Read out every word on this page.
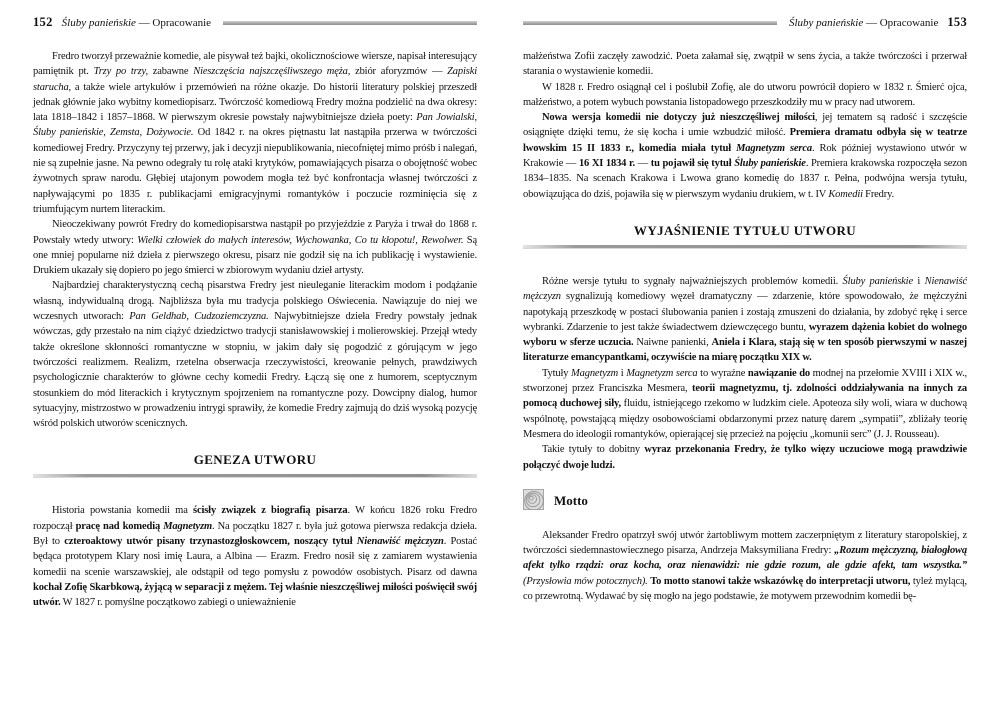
152 Śluby panieńskie — Opracowanie

Fredro tworzył przeważnie komedie, ale pisywał też bajki, okolicznościowe wiersze, napisał interesujący pamiętnik pt. Trzy po trzy, zabawne Nieszczęścia najszczęśliwszego męża, zbiór aforyzmów — Zapiski starucha, a także wiele artykułów i przemówień na różne okazje. Do historii literatury polskiej przeszedł jednak głównie jako wybitny komediopisarz. Twórczość komediową Fredry można podzielić na dwa okresy: lata 1818–1842 i 1857–1868. W pierwszym okresie powstały najwybitniejsze dzieła poety: Pan Jowialski, Śluby panieńskie, Zemsta, Dożywocie. Od 1842 r. na okres piętnastu lat nastąpiła przerwa w twórczości komediowej Fredry. Przyczyny tej przerwy, jak i decyzji niepublikowania, niecofniętej mimo próśb i nalegań, nie są zupełnie jasne. Na pewno odegrały tu rolę ataki krytyków, pomawiających pisarza o obojętność wobec żywotnych spraw narodu. Głębiej utajonym powodem mogła też być konfrontacja własnej twórczości z napływającymi po 1835 r. publikacjami emigracyjnymi romantyków i poczucie rozminięcia się z triumfującym nurtem literackim.

Nieoczekiwany powrót Fredry do komediopisarstwa nastąpił po przyjeździe z Paryża i trwał do 1868 r. Powstały wtedy utwory: Wielki człowiek do małych interesów, Wychowanka, Co tu kłopotu!, Rewolwer. Są one mniej popularne niż dzieła z pierwszego okresu, pisarz nie godził się na ich publikację i wystawienie. Drukiem ukazały się dopiero po jego śmierci w zbiorowym wydaniu dzieł artysty.

Najbardziej charakterystyczną cechą pisarstwa Fredry jest nieuleganie literackim modom i podążanie własną, indywidualną drogą. Najbliższa była mu tradycja polskiego Oświecenia. Nawiązuje do niej we wczesnych utworach: Pan Geldhab, Cudzoziemczyzna. Najwybitniejsze dzieła Fredry powstały jednak wówczas, gdy przestało na nim ciążyć dziedzictwo tradycji stanisławowskiej i molierowskiej. Przejął wtedy także określone skłonności romantyczne w stopniu, w jakim dały się pogodzić z górującym w jego twórczości realizmem. Realizm, rzetelna obserwacja rzeczywistości, kreowanie pełnych, prawdziwych psychologicznie charakterów to główne cechy komedii Fredry. Łączą się one z humorem, sceptycznym stosunkiem do mód literackich i krytycznym spojrzeniem na romantyczne pozy. Dowcipny dialog, humor sytuacyjny, mistrzostwo w prowadzeniu intrygi sprawiły, że komedie Fredry zajmują do dziś wysoką pozycję wśród polskich utworów scenicznych.

GENEZA UTWORU

Historia powstania komedii ma ścisły związek z biografią pisarza. W końcu 1826 roku Fredro rozpoczął pracę nad komedią Magnetyzm. Na początku 1827 r. była już gotowa pierwsza redakcja dzieła. Był to czteroaktowy utwór pisany trzynastozgłoskowcem, noszący tytuł Nienawiść mężczyzn. Postać będąca prototypem Klary nosi imię Laura, a Albina — Erazm. Fredro nosił się z zamiarem wystawienia komedii na scenie warszawskiej, ale odstąpił od tego pomysłu z powodów osobistych. Pisarz od dawna kochał Zofię Skarbkową, żyjącą w separacji z mężem. Tej właśnie nieszczęśliwej miłości poświęcił swój utwór. W 1827 r. pomyślne początkowo zabiegi o unieważnienie

Śluby panieńskie — Opracowanie 153

małżeństwa Zofii zaczęły zawodzić. Poeta załamał się, zwątpił w sens życia, a także twórczości i przerwał starania o wystawienie komedii.

W 1828 r. Fredro osiągnął cel i poślubił Zofię, ale do utworu powrócił dopiero w 1832 r. Śmierć ojca, małżeństwo, a potem wybuch powstania listopadowego przeszkodziły mu w pracy nad utworem.

Nowa wersja komedii nie dotyczy już nieszczęśliwej miłości, jej tematem są radość i szczęście osiągnięte dzięki temu, że się kocha i umie wzbudzić miłość. Premiera dramatu odbyła się w teatrze lwowskim 15 II 1833 r., komedia miała tytuł Magnetyzm serca. Rok później wystawiono utwór w Krakowie — 16 XI 1834 r. — tu pojawił się tytuł Śluby panieńskie. Premiera krakowska rozpoczęła sezon 1834–1835. Na scenach Krakowa i Lwowa grano komedię do 1837 r. Pełna, podwójna wersja tytułu, obowiązująca do dziś, pojawiła się w pierwszym wydaniu drukiem, w t. IV Komedii Fredry.

WYJAŚNIENIE TYTUŁU UTWORU

Różne wersje tytułu to sygnały najważniejszych problemów komedii. Śluby panieńskie i Nienawiść mężczyzn sygnalizują komediowy węzeł dramatyczny — zdarzenie, które spowodowało, że mężczyźni napotykają przeszkodę w postaci ślubowania panien i zostają zmuszeni do działania, by zdobyć rękę i serce wybranki. Zdarzenie to jest także świadectwem dziewczęcego buntu, wyrazem dążenia kobiet do wolnego wyboru w sferze uczucia. Naiwne panienki, Aniela i Klara, stają się w ten sposób pierwszymi w naszej literaturze emancypantkami, oczywiście na miarę początku XIX w.

Tytuły Magnetyzm i Magnetyzm serca to wyraźne nawiązanie do modnej na przełomie XVIII i XIX w., stworzonej przez Franciszka Mesmera, teorii magnetyzmu, tj. zdolności oddziaływania na innych za pomocą duchowej siły, fluidu, istniejącego rzekomo w ludzkim ciele. Apoteoza siły woli, wiara w duchową wspólnotę, powstającą między osobowościami obdarzonymi przez naturę darem „sympatii”, zbliżały teorię Mesmera do ideologii romantyków, opierającej się przecież na pojęciu „komunii serc” (J. J. Rousseau).

Takie tytuły to dobitny wyraz przekonania Fredry, że tylko więzy uczuciowe mogą prawdziwie połączyć dwoje ludzi.

Motto

Aleksander Fredro opatrzył swój utwór żartobliwym mottem zaczerpniętym z literatury staropolskiej, z twórczości siedemnastowiecznego pisarza, Andrzeja Maksymiliana Fredry: „Rozum mężczyzną, białogłową afekt tylko rządzi: oraz kocha, oraz nienawidzi: nie gdzie rozum, ale gdzie afekt, tam wszystka.” (Przysłowia mów potocznych). To motto stanowi także wskazówkę do interpretacji utworu, tyleż mylącą, co przewrotną. Wydawać by się mogło na jego podstawie, że motywem przewodnim komedii bę-
